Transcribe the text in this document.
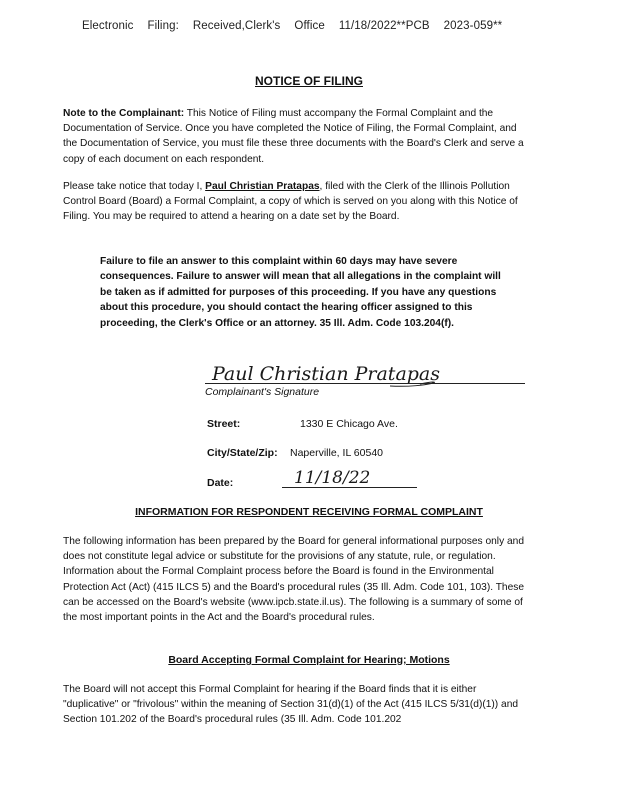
Electronic Filing: Received,Clerk's Office 11/18/2022**PCB 2023-059**
NOTICE OF FILING
Note to the Complainant: This Notice of Filing must accompany the Formal Complaint and the Documentation of Service. Once you have completed the Notice of Filing, the Formal Complaint, and the Documentation of Service, you must file these three documents with the Board's Clerk and serve a copy of each document on each respondent.
Please take notice that today I, Paul Christian Pratapas, filed with the Clerk of the Illinois Pollution Control Board (Board) a Formal Complaint, a copy of which is served on you along with this Notice of Filing. You may be required to attend a hearing on a date set by the Board.
Failure to file an answer to this complaint within 60 days may have severe consequences. Failure to answer will mean that all allegations in the complaint will be taken as if admitted for purposes of this proceeding. If you have any questions about this procedure, you should contact the hearing officer assigned to this proceeding, the Clerk's Office or an attorney. 35 Ill. Adm. Code 103.204(f).
Paul Christian Pratapas
Complainant's Signature
Street:	1330 E Chicago Ave.
City/State/Zip: Naperville, IL 60540
Date:	11/18/22
INFORMATION FOR RESPONDENT RECEIVING FORMAL COMPLAINT
The following information has been prepared by the Board for general informational purposes only and does not constitute legal advice or substitute for the provisions of any statute, rule, or regulation. Information about the Formal Complaint process before the Board is found in the Environmental Protection Act (Act) (415 ILCS 5) and the Board's procedural rules (35 Ill. Adm. Code 101, 103). These can be accessed on the Board's website (www.ipcb.state.il.us). The following is a summary of some of the most important points in the Act and the Board's procedural rules.
Board Accepting Formal Complaint for Hearing; Motions
The Board will not accept this Formal Complaint for hearing if the Board finds that it is either "duplicative" or "frivolous" within the meaning of Section 31(d)(1) of the Act (415 ILCS 5/31(d)(1)) and Section 101.202 of the Board's procedural rules (35 Ill. Adm. Code 101.202
